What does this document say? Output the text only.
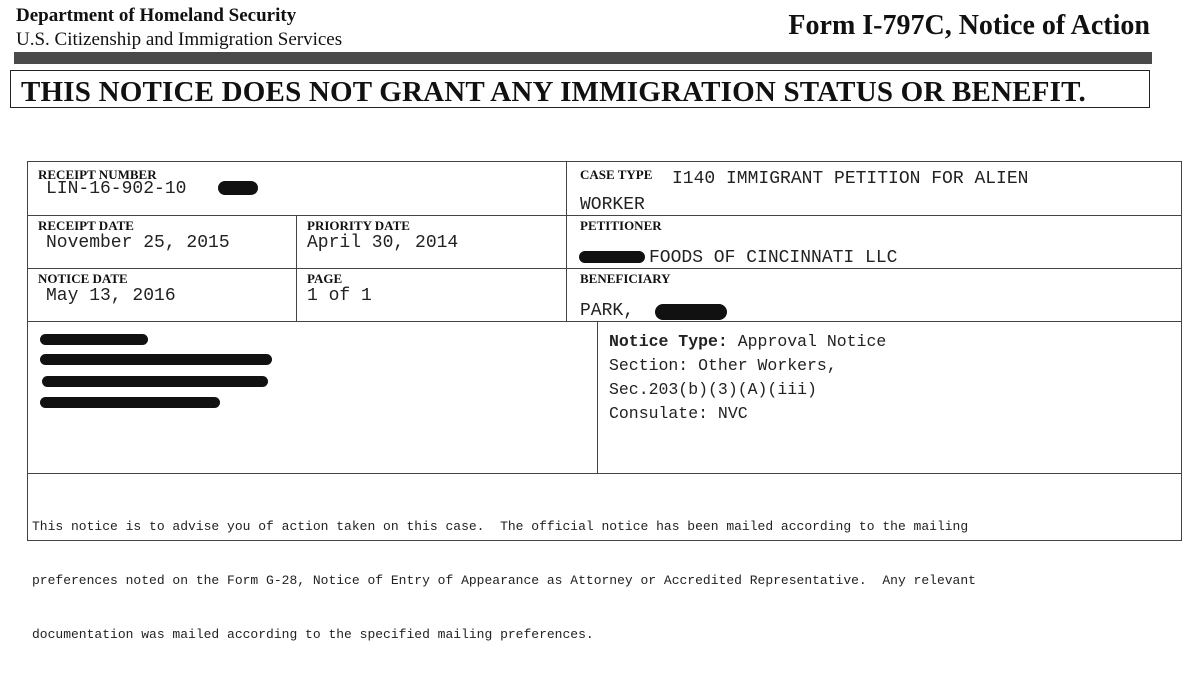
Department of Homeland Security
U.S. Citizenship and Immigration Services	Form I-797C, Notice of Action
THIS NOTICE DOES NOT GRANT ANY IMMIGRATION STATUS OR BENEFIT.
RECEIPT NUMBER
LIN-16-902-10
CASE TYPE I140 IMMIGRANT PETITION FOR ALIEN
WORKER
RECEIPT DATE
November 25, 2015
PRIORITY DATE
April 30, 2014
PETITIONER
FOODS OF CINCINNATI LLC
NOTICE DATE
May 13, 2016
PAGE
1 of 1
BENEFICIARY
PARK,
Notice Type: Approval Notice
Section: Other Workers,
Sec.203(b)(3)(A)(iii)
Consulate: NVC

This notice is to advise you of action taken on this case.  The official notice has been mailed according to the mailing

preferences noted on the Form G-28, Notice of Entry of Appearance as Attorney or Accredited Representative.  Any relevant

documentation was mailed according to the specified mailing preferences.
